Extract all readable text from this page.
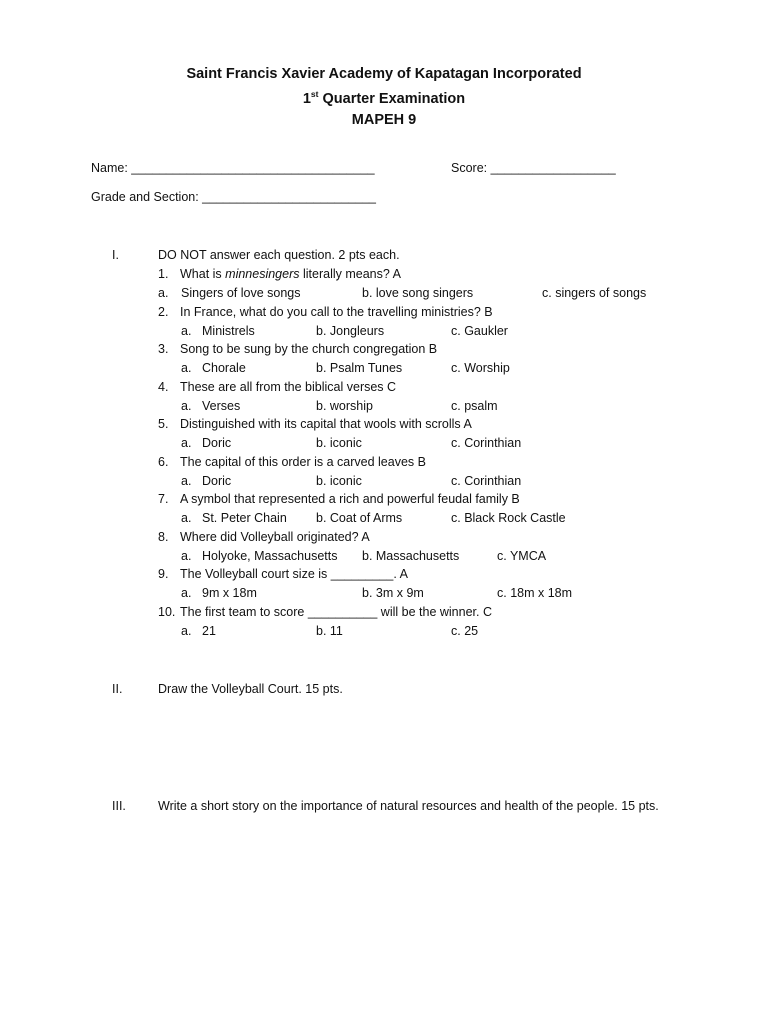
Saint Francis Xavier Academy of Kapatagan Incorporated
1st Quarter Examination
MAPEH 9
Name: ___________________________________	Score: __________________
Grade and Section: _________________________
I.	DO NOT answer each question. 2 pts each.
1. What is minnesingers literally means? A
a. Singers of love songs	b. love song singers	c. singers of songs
2. In France, what do you call to the travelling ministries? B
a. Ministrels	b. Jongleurs	c. Gaukler
3. Song to be sung by the church congregation B
a. Chorale	b. Psalm Tunes	c. Worship
4. These are all from the biblical verses C
a. Verses	b. worship	c. psalm
5. Distinguished with its capital that wools with scrolls A
a. Doric	b. iconic	c. Corinthian
6. The capital of this order is a carved leaves B
a. Doric	b. iconic	c. Corinthian
7. A symbol that represented a rich and powerful feudal family B
a. St. Peter Chain b. Coat of Arms	c. Black Rock Castle
8. Where did Volleyball originated? A
a. Holyoke, Massachusetts b. Massachusetts	c. YMCA
9. The Volleyball court size is _________. A
a. 9m x 18m	b. 3m x 9m	c. 18m x 18m
10. The first team to score __________ will be the winner. C
a. 21	b. 11	c. 25
II.	Draw the Volleyball Court. 15 pts.
III.	Write a short story on the importance of natural resources and health of the people. 15 pts.
